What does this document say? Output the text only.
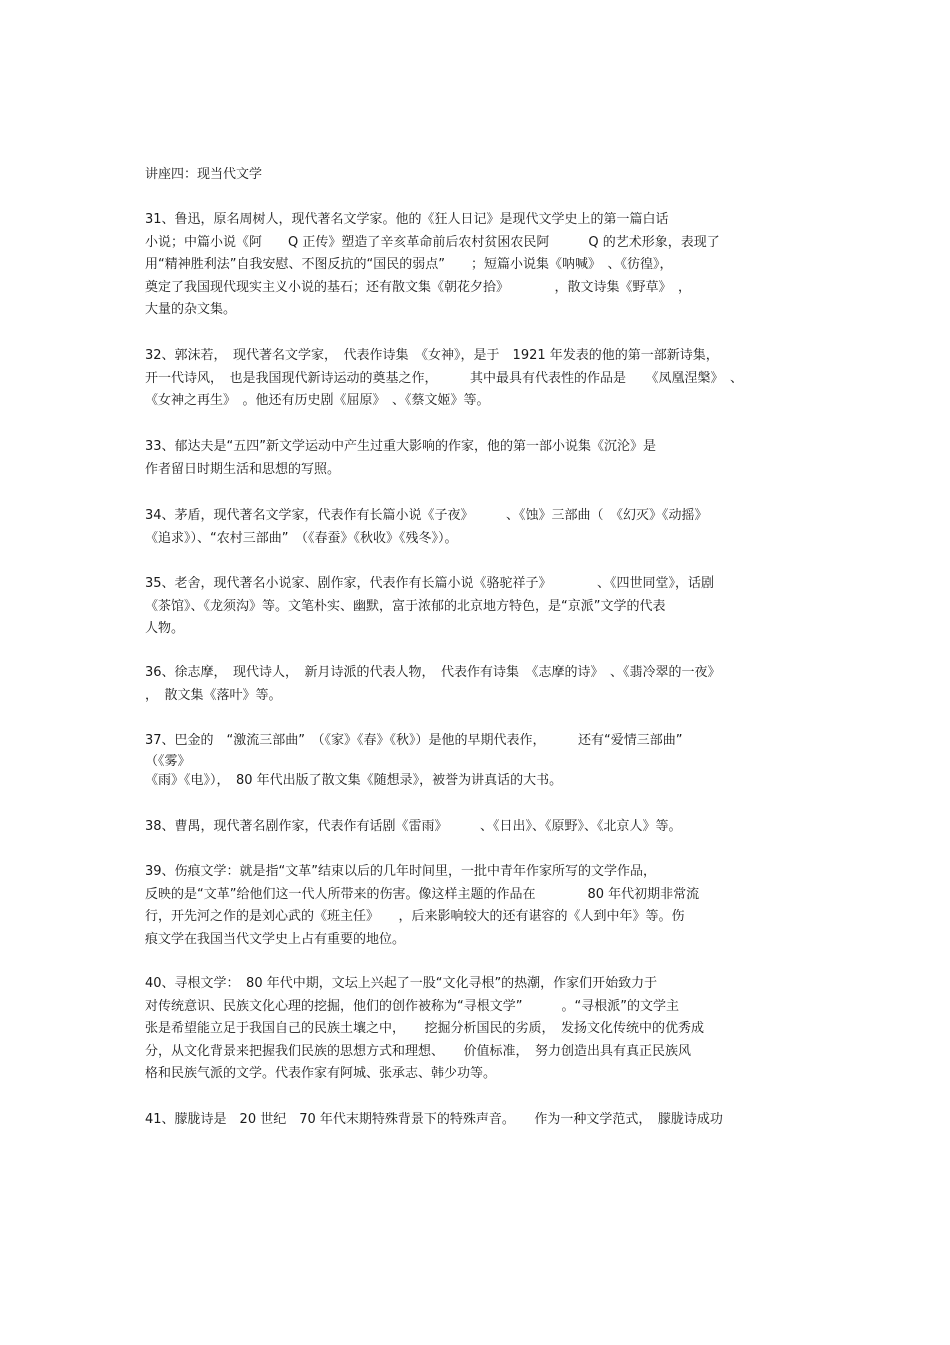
讲座四：现当代文学
31、鲁迅，原名周树人，现代著名文学家。他的《狂人日记》是现代文学史上的第一篇白话
小说；中篇小说《阿　　Q 正传》塑造了辛亥革命前后农村贫困农民阿　　　Q 的艺术形象，表现了
用“精神胜利法”自我安慰、不图反抗的“国民的弱点”　　；短篇小说集《呐喊》　、《彷徨》，
奠定了我国现代现实主义小说的基石；还有散文集《朝花夕拾》　　　　，散文诗集《野草》　，
大量的杂文集。
32、郭沫若，　现代著名文学家，　代表作诗集　《女神》，是于　1921 年发表的他的第一部新诗集，
开一代诗风，　也是我国现代新诗运动的奠基之作，　　　其中最具有代表性的作品是　　《凤凰涅槃》　、
《女神之再生》　。他还有历史剧《屈原》　、《蔡文姬》等。
33、郁达夫是“五四”新文学运动中产生过重大影响的作家，他的第一部小说集《沉沦》是
作者留日时期生活和思想的写照。
34、茅盾，现代著名文学家，代表作有长篇小说《子夜》　　　、《蚀》三部曲（　《幻灭》《动摇》
《追求》）、“农村三部曲”　（《春蚕》《秋收》《残冬》）。
35、老舍，现代著名小说家、剧作家，代表作有长篇小说《骆驼祥子》　　　　、《四世同堂》，话剧
《茶馆》、《龙须沟》等。文笔朴实、幽默，富于浓郁的北京地方特色，是“京派”文学的代表
人物。
36、徐志摩，　现代诗人，　新月诗派的代表人物，　代表作有诗集　《志摩的诗》　、《翡冷翠的一夜》
，　散文集《落叶》等。
37、巴金的　“激流三部曲”　（《家》《春》《秋》）是他的早期代表作，　　　还有“爱情三部曲”
（《雾》
《雨》《电》），　80 年代出版了散文集《随想录》，被誉为讲真话的大书。
38、曹禺，现代著名剧作家，代表作有话剧《雷雨》　　　、《日出》、《原野》、《北京人》等。
39、伤痕文学：就是指“文革”结束以后的几年时间里，一批中青年作家所写的文学作品，
反映的是“文革”给他们这一代人所带来的伤害。像这样主题的作品在　　　　80 年代初期非常流
行，开先河之作的是刘心武的《班主任》　　，后来影响较大的还有谌容的《人到中年》等。伤
痕文学在我国当代文学史上占有重要的地位。
40、寻根文学：　80 年代中期，文坛上兴起了一股“文化寻根”的热潮，作家们开始致力于
对传统意识、民族文化心理的挖掘，他们的创作被称为“寻根文学”　　　。“寻根派”的文学主
张是希望能立足于我国自己的民族土壤之中，　　挖掘分析国民的劣质，　发扬文化传统中的优秀成
分，从文化背景来把握我们民族的思想方式和理想、　　价值标准，　努力创造出具有真正民族风
格和民族气派的文学。代表作家有阿城、张承志、韩少功等。
41、朦胧诗是　20 世纪　70 年代末期特殊背景下的特殊声音。　　作为一种文学范式，　朦胧诗成功
